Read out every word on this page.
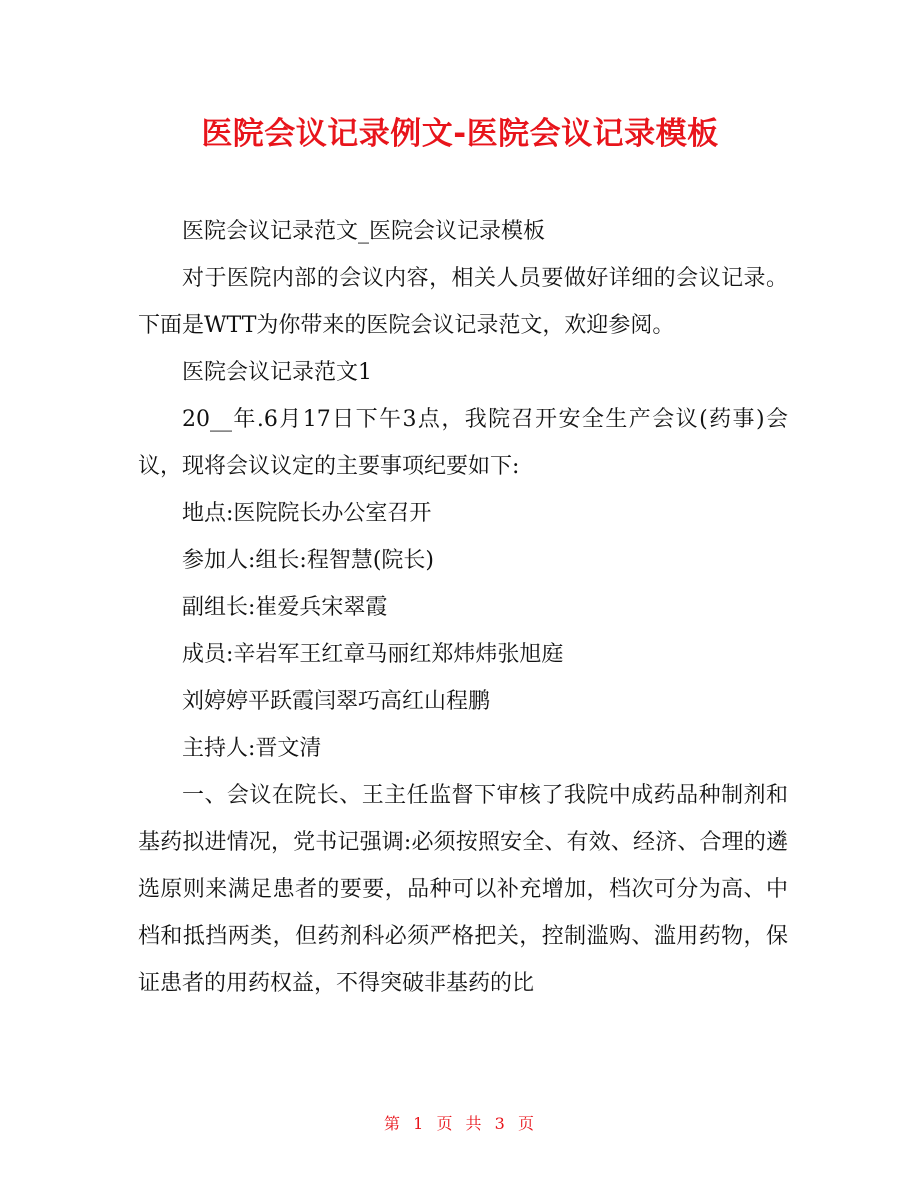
医院会议记录例文-医院会议记录模板

医院会议记录范文_医院会议记录模板

对于医院内部的会议内容，相关人员要做好详细的会议记录。下面是WTT为你带来的医院会议记录范文，欢迎参阅。

医院会议记录范文1

20__年.6月17日下午3点，我院召开安全生产会议(药事)会议，现将会议议定的主要事项纪要如下:

地点:医院院长办公室召开

参加人:组长:程智慧(院长)

副组长:崔爱兵宋翠霞

成员:辛岩军王红章马丽红郑炜炜张旭庭

刘婷婷平跃霞闫翠巧高红山程鹏

主持人:晋文清

一、会议在院长、王主任监督下审核了我院中成药品种制剂和基药拟进情况，党书记强调:必须按照安全、有效、经济、合理的遴选原则来满足患者的要要，品种可以补充增加，档次可分为高、中档和抵挡两类，但药剂科必须严格把关，控制滥购、滥用药物，保证患者的用药权益，不得突破非基药的比

第 1 页 共 3 页
